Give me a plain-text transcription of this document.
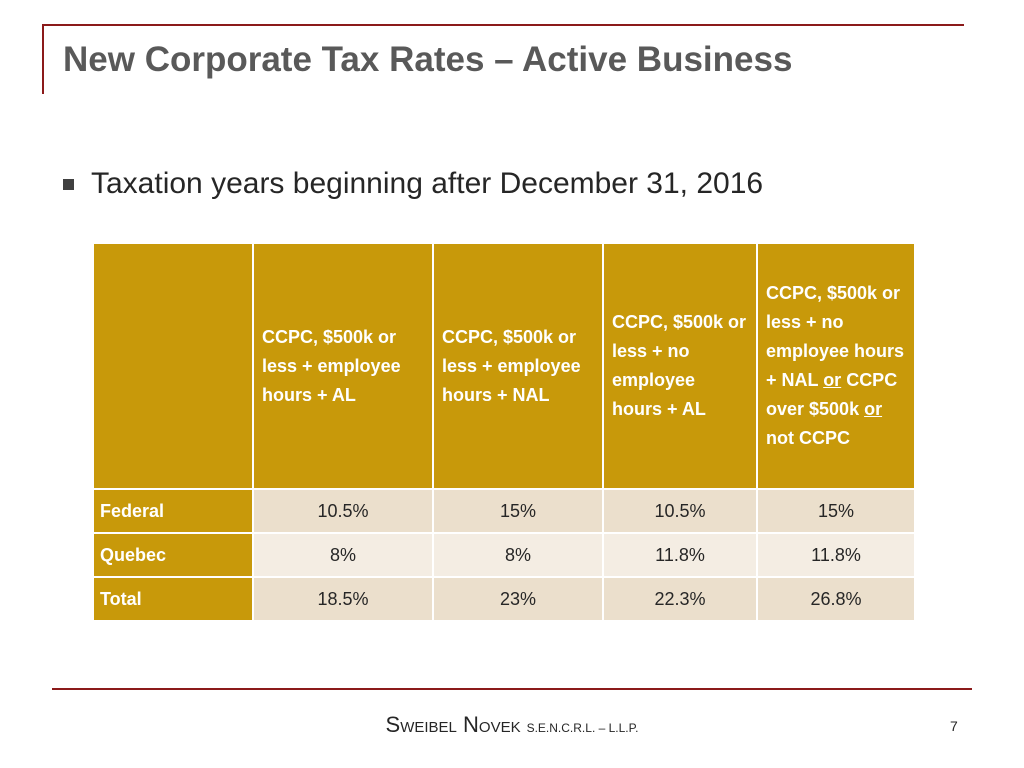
New Corporate Tax Rates – Active Business
Taxation years beginning after December 31, 2016
	CCPC, $500k or less + employee hours + AL	CCPC, $500k or less + employee hours + NAL	CCPC, $500k or less + no employee hours + AL	CCPC, $500k or less + no employee hours + NAL or CCPC over $500k or not CCPC
Federal	10.5%	15%	10.5%	15%
Quebec	8%	8%	11.8%	11.8%
Total	18.5%	23%	22.3%	26.8%
Sweibel Novek S.E.N.C.R.L. – L.L.P.	7
